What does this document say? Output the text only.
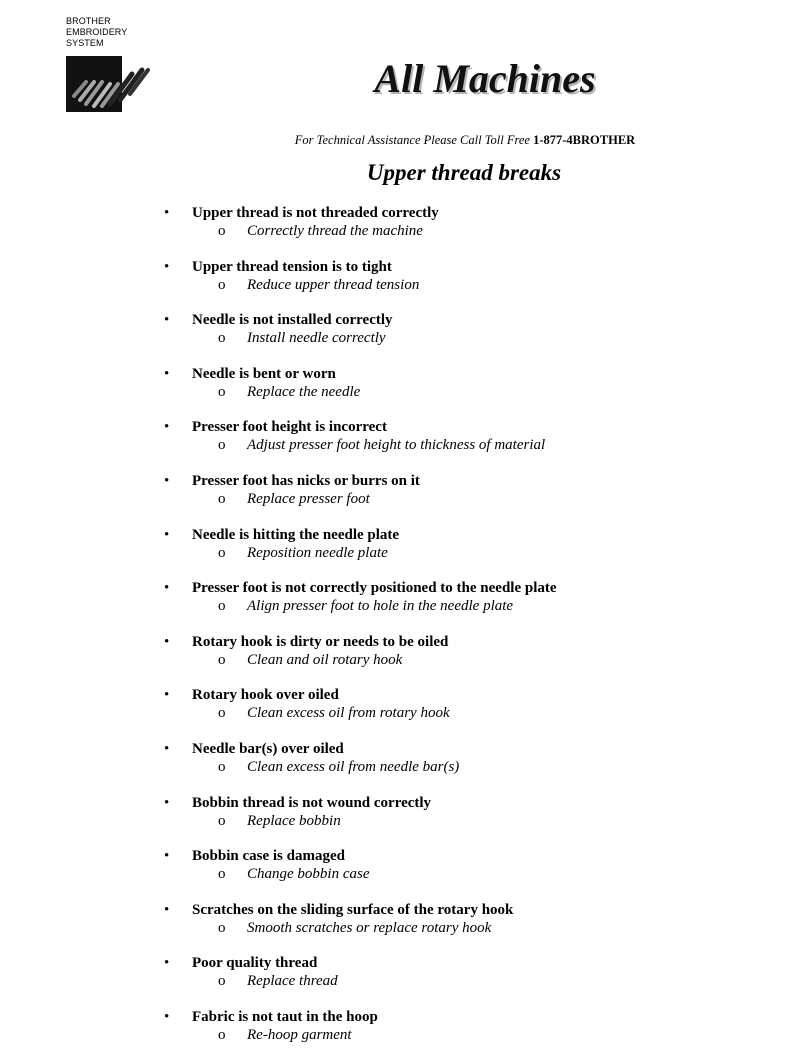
BROTHER
EMBROIDERY
SYSTEM
All Machines
For Technical Assistance Please Call Toll Free 1-877-4BROTHER
Upper thread breaks
• Upper thread is not threaded correctly
o Correctly thread the machine
• Upper thread tension is to tight
o Reduce upper thread tension
• Needle is not installed correctly
o Install needle correctly
• Needle is bent or worn
o Replace the needle
• Presser foot height is incorrect
o Adjust presser foot height to thickness of material
• Presser foot has nicks or burrs on it
o Replace presser foot
• Needle is hitting the needle plate
o Reposition needle plate
• Presser foot is not correctly positioned to the needle plate
o Align presser foot to hole in the needle plate
• Rotary hook is dirty or needs to be oiled
o Clean and oil rotary hook
• Rotary hook over oiled
o Clean excess oil from rotary hook
• Needle bar(s) over oiled
o Clean excess oil from needle bar(s)
• Bobbin thread is not wound correctly
o Replace bobbin
• Bobbin case is damaged
o Change bobbin case
• Scratches on the sliding surface of the rotary hook
o Smooth scratches or replace rotary hook
• Poor quality thread
o Replace thread
• Fabric is not taut in the hoop
o Re-hoop garment
